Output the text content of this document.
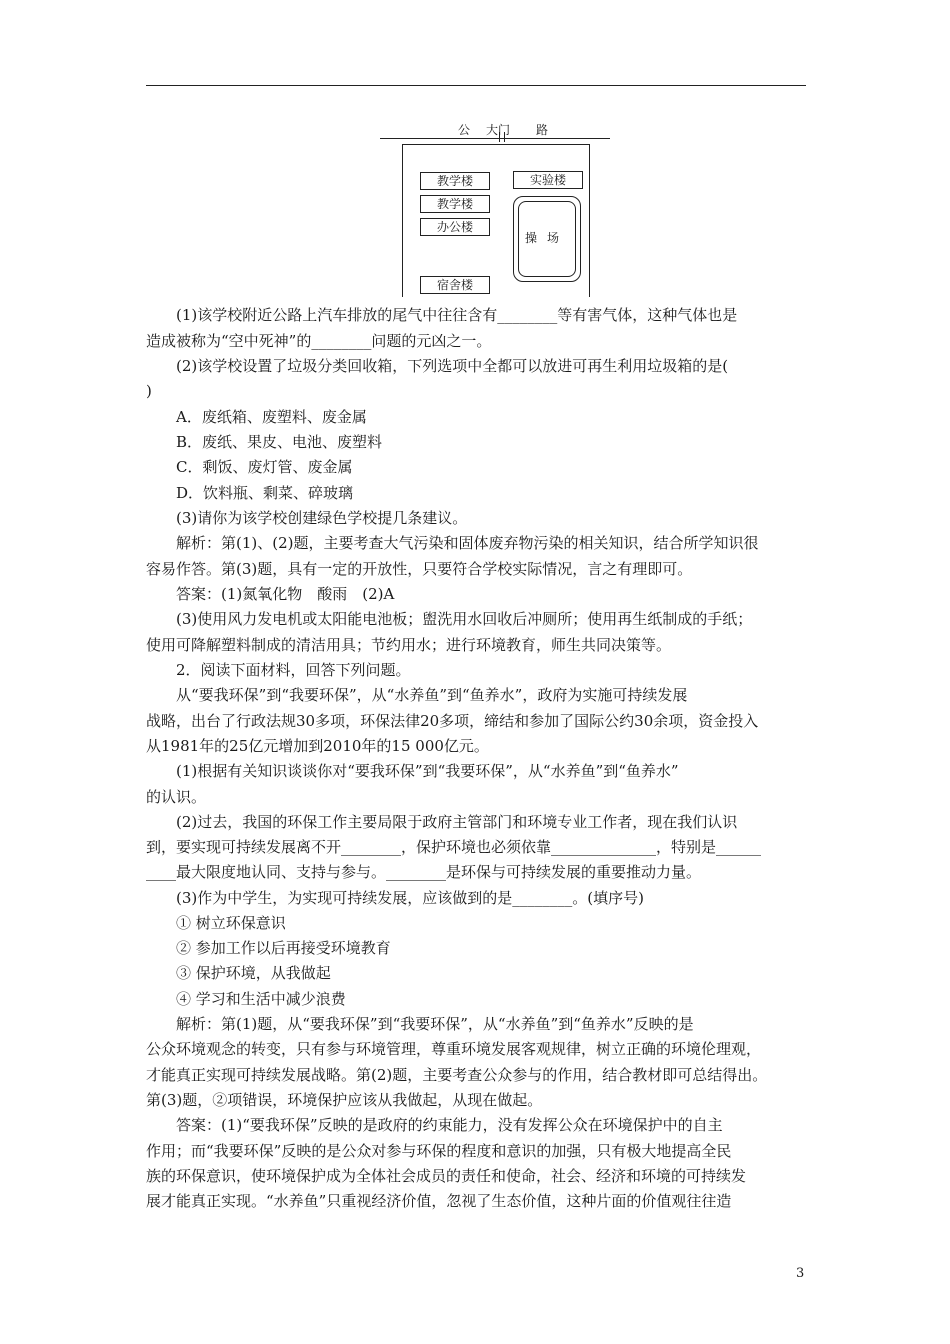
公 大门 路
教学楼
教学楼
办公楼
实验楼
宿舍楼
操场
(1)该学校附近公路上汽车排放的尾气中往往含有________等有害气体，这种气体也是
造成被称为“空中死神”的________问题的元凶之一。
(2)该学校设置了垃圾分类回收箱，下列选项中全都可以放进可再生利用垃圾箱的是(
)
A．废纸箱、废塑料、废金属
B．废纸、果皮、电池、废塑料
C．剩饭、废灯管、废金属
D．饮料瓶、剩菜、碎玻璃
(3)请你为该学校创建绿色学校提几条建议。
解析：第(1)、(2)题，主要考查大气污染和固体废弃物污染的相关知识，结合所学知识很
容易作答。第(3)题，具有一定的开放性，只要符合学校实际情况，言之有理即可。
答案：(1)氮氧化物　酸雨　(2)A
(3)使用风力发电机或太阳能电池板；盥洗用水回收后冲厕所；使用再生纸制成的手纸；
使用可降解塑料制成的清洁用具；节约用水；进行环境教育，师生共同决策等。
2．阅读下面材料，回答下列问题。
从“要我环保”到“我要环保”，从“水养鱼”到“鱼养水”，政府为实施可持续发展
战略，出台了行政法规30多项，环保法律20多项，缔结和参加了国际公约30余项，资金投入
从1981年的25亿元增加到2010年的15 000亿元。
(1)根据有关知识谈谈你对“要我环保”到“我要环保”，从“水养鱼”到“鱼养水”
的认识。
(2)过去，我国的环保工作主要局限于政府主管部门和环境专业工作者，现在我们认识
到，要实现可持续发展离不开________，保护环境也必须依靠______________，特别是______
____最大限度地认同、支持与参与。________是环保与可持续发展的重要推动力量。
(3)作为中学生，为实现可持续发展，应该做到的是________。(填序号)
① 树立环保意识
② 参加工作以后再接受环境教育
③ 保护环境，从我做起
④ 学习和生活中减少浪费
解析：第(1)题，从“要我环保”到“我要环保”，从“水养鱼”到“鱼养水”反映的是
公众环境观念的转变，只有参与环境管理，尊重环境发展客观规律，树立正确的环境伦理观，
才能真正实现可持续发展战略。第(2)题，主要考查公众参与的作用，结合教材即可总结得出。
第(3)题，②项错误，环境保护应该从我做起，从现在做起。
答案：(1)“要我环保”反映的是政府的约束能力，没有发挥公众在环境保护中的自主
作用；而“我要环保”反映的是公众对参与环保的程度和意识的加强，只有极大地提高全民
族的环保意识，使环境保护成为全体社会成员的责任和使命，社会、经济和环境的可持续发
展才能真正实现。“水养鱼”只重视经济价值，忽视了生态价值，这种片面的价值观往往造
3
